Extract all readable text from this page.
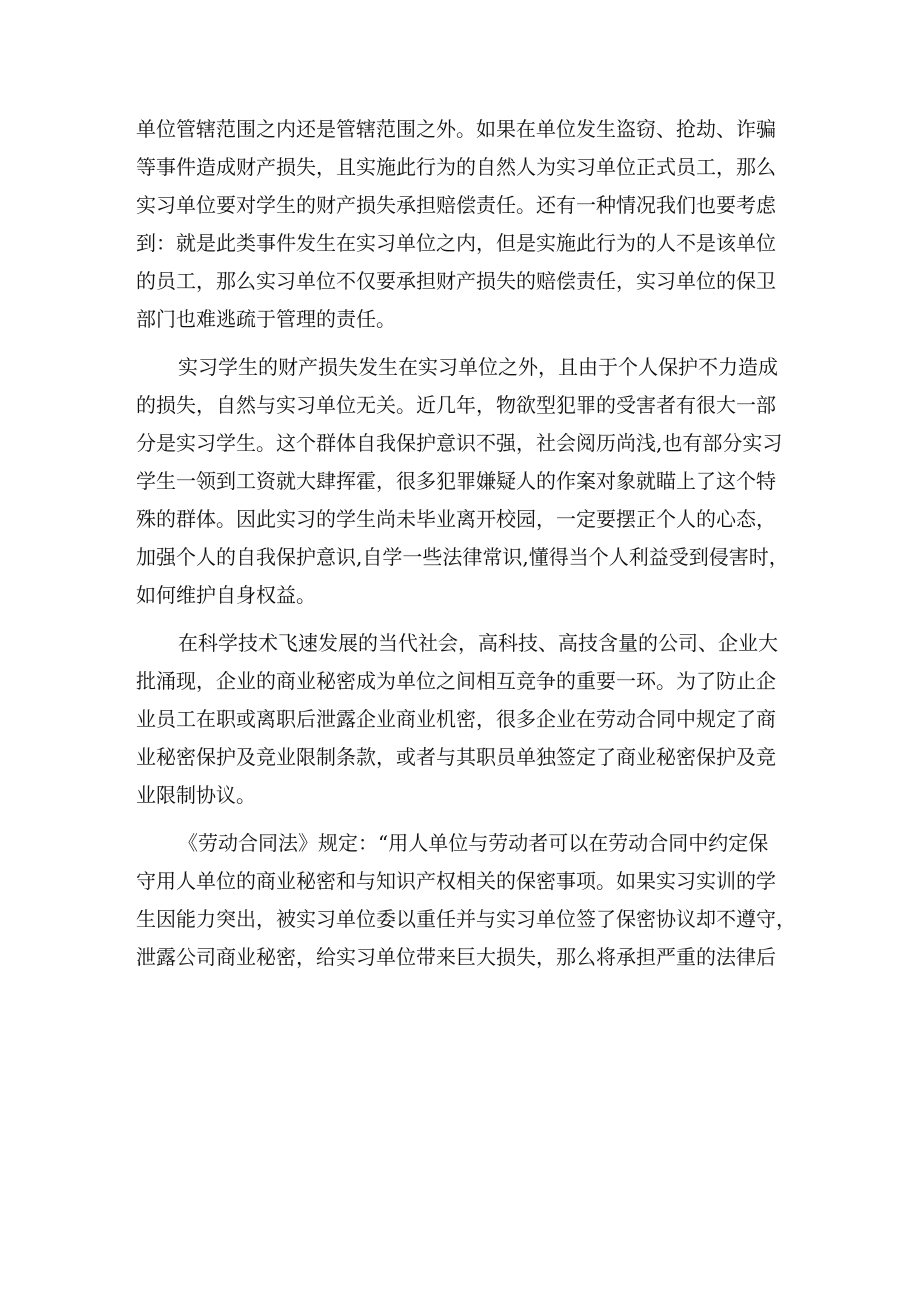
单位管辖范围之内还是管辖范围之外。如果在单位发生盗窃、抢劫、诈骗
等事件造成财产损失，且实施此行为的自然人为实习单位正式员工，那么
实习单位要对学生的财产损失承担赔偿责任。还有一种情况我们也要考虑
到：就是此类事件发生在实习单位之内，但是实施此行为的人不是该单位
的员工，那么实习单位不仅要承担财产损失的赔偿责任，实习单位的保卫
部门也难逃疏于管理的责任。
实习学生的财产损失发生在实习单位之外，且由于个人保护不力造成
的损失，自然与实习单位无关。近几年，物欲型犯罪的受害者有很大一部
分是实习学生。这个群体自我保护意识不强，社会阅历尚浅,也有部分实习
学生一领到工资就大肆挥霍，很多犯罪嫌疑人的作案对象就瞄上了这个特
殊的群体。因此实习的学生尚未毕业离开校园，一定要摆正个人的心态，
加强个人的自我保护意识,自学一些法律常识,懂得当个人利益受到侵害时，
如何维护自身权益。
在科学技术飞速发展的当代社会，高科技、高技含量的公司、企业大
批涌现，企业的商业秘密成为单位之间相互竞争的重要一环。为了防止企
业员工在职或离职后泄露企业商业机密，很多企业在劳动合同中规定了商
业秘密保护及竞业限制条款，或者与其职员单独签定了商业秘密保护及竞
业限制协议。
《劳动合同法》规定：“用人单位与劳动者可以在劳动合同中约定保
守用人单位的商业秘密和与知识产权相关的保密事项。如果实习实训的学
生因能力突出，被实习单位委以重任并与实习单位签了保密协议却不遵守，
泄露公司商业秘密，给实习单位带来巨大损失，那么将承担严重的法律后
